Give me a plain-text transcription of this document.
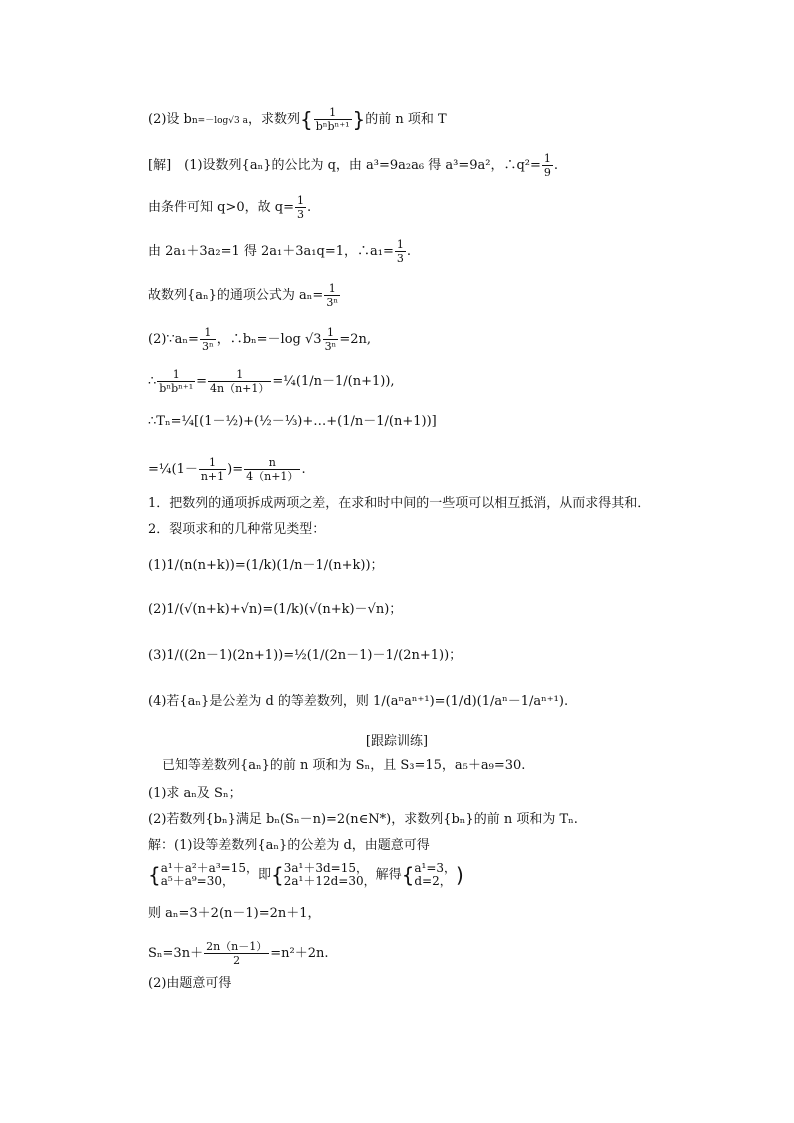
(2)设 bn=－log√3 a，求数列{	1
bⁿbⁿ⁺¹ }的前 n 项和 T
[解]　(1)设数列{aₙ}的公比为 q，由 a³=9a₂a₆ 得 a³=9a²，∴q²= $\frac{1}{9}$ .
由条件可知 q>0，故 $q= \frac{1}{3}$ .
由 2a₁＋3a₂=1 得 2a₁＋3a₁q=1，∴a₁= $\frac{1}{3}$ .
故数列{aₙ}的通项公式为 $a_n= \frac{1}{\text{3ⁿ}}$
(2)∵aₙ= $\frac{1}{\text{3ⁿ}}$ ，∴bₙ=－log $√3 \frac{1}{\text{3ⁿ}} =2n$,
∴	1
$b^nb^{n+1} = \frac{1}{4n(n+1)}$ =¼(1/n－1/(n+1)),
∴Tₙ=¼[(1－½)+(½－⅓)+…+(1/n－1/(n+1))]
=¼(1－ $\frac{1}{n+1}$ )= $\frac{n}{4(n+1)}$ .
1．把数列的通项拆成两项之差，在求和时中间的一些项可以相互抵消，从而求得其和．
2．裂项求和的几种常见类型：
(1)1/(n(n+k))=(1/k)(1/n－1/(n+k))；
(2)1/(√(n+k)+√n)=(1/k)(√(n+k)－√n)；
(3)1/((2n－1)(2n+1))=½(1/(2n－1)－1/(2n+1))；
(4)若{aₙ}是公差为 d 的等差数列，则 1/(aⁿaⁿ⁺¹)=(1/d)(1/aⁿ－1/aⁿ⁺¹).
[跟踪训练]
已知等差数列{aₙ}的前 n 项和为 Sₙ，且 S₃=15，a₅＋a₉=30.
(1)求 aₙ及 Sₙ；
(2)若数列{bₙ}满足 bₙ(Sₙ－n)=2(n∈N*)，求数列{bₙ}的前 n 项和为 Tₙ.
解：(1)设等差数列{aₙ}的公差为 d，由题意可得
{ a¹＋a²＋a³=15，
a⁵＋a⁹=30，	即{ 3a¹＋3d=15，
2a¹＋12d=30， 解得{ a¹=3，
d=2， )
则 aₙ=3＋2(n－1)=2n＋1，
$S_n=3n+ \frac{2n(n-1)}{2} =n^2+2n$.
(2)由题意可得
